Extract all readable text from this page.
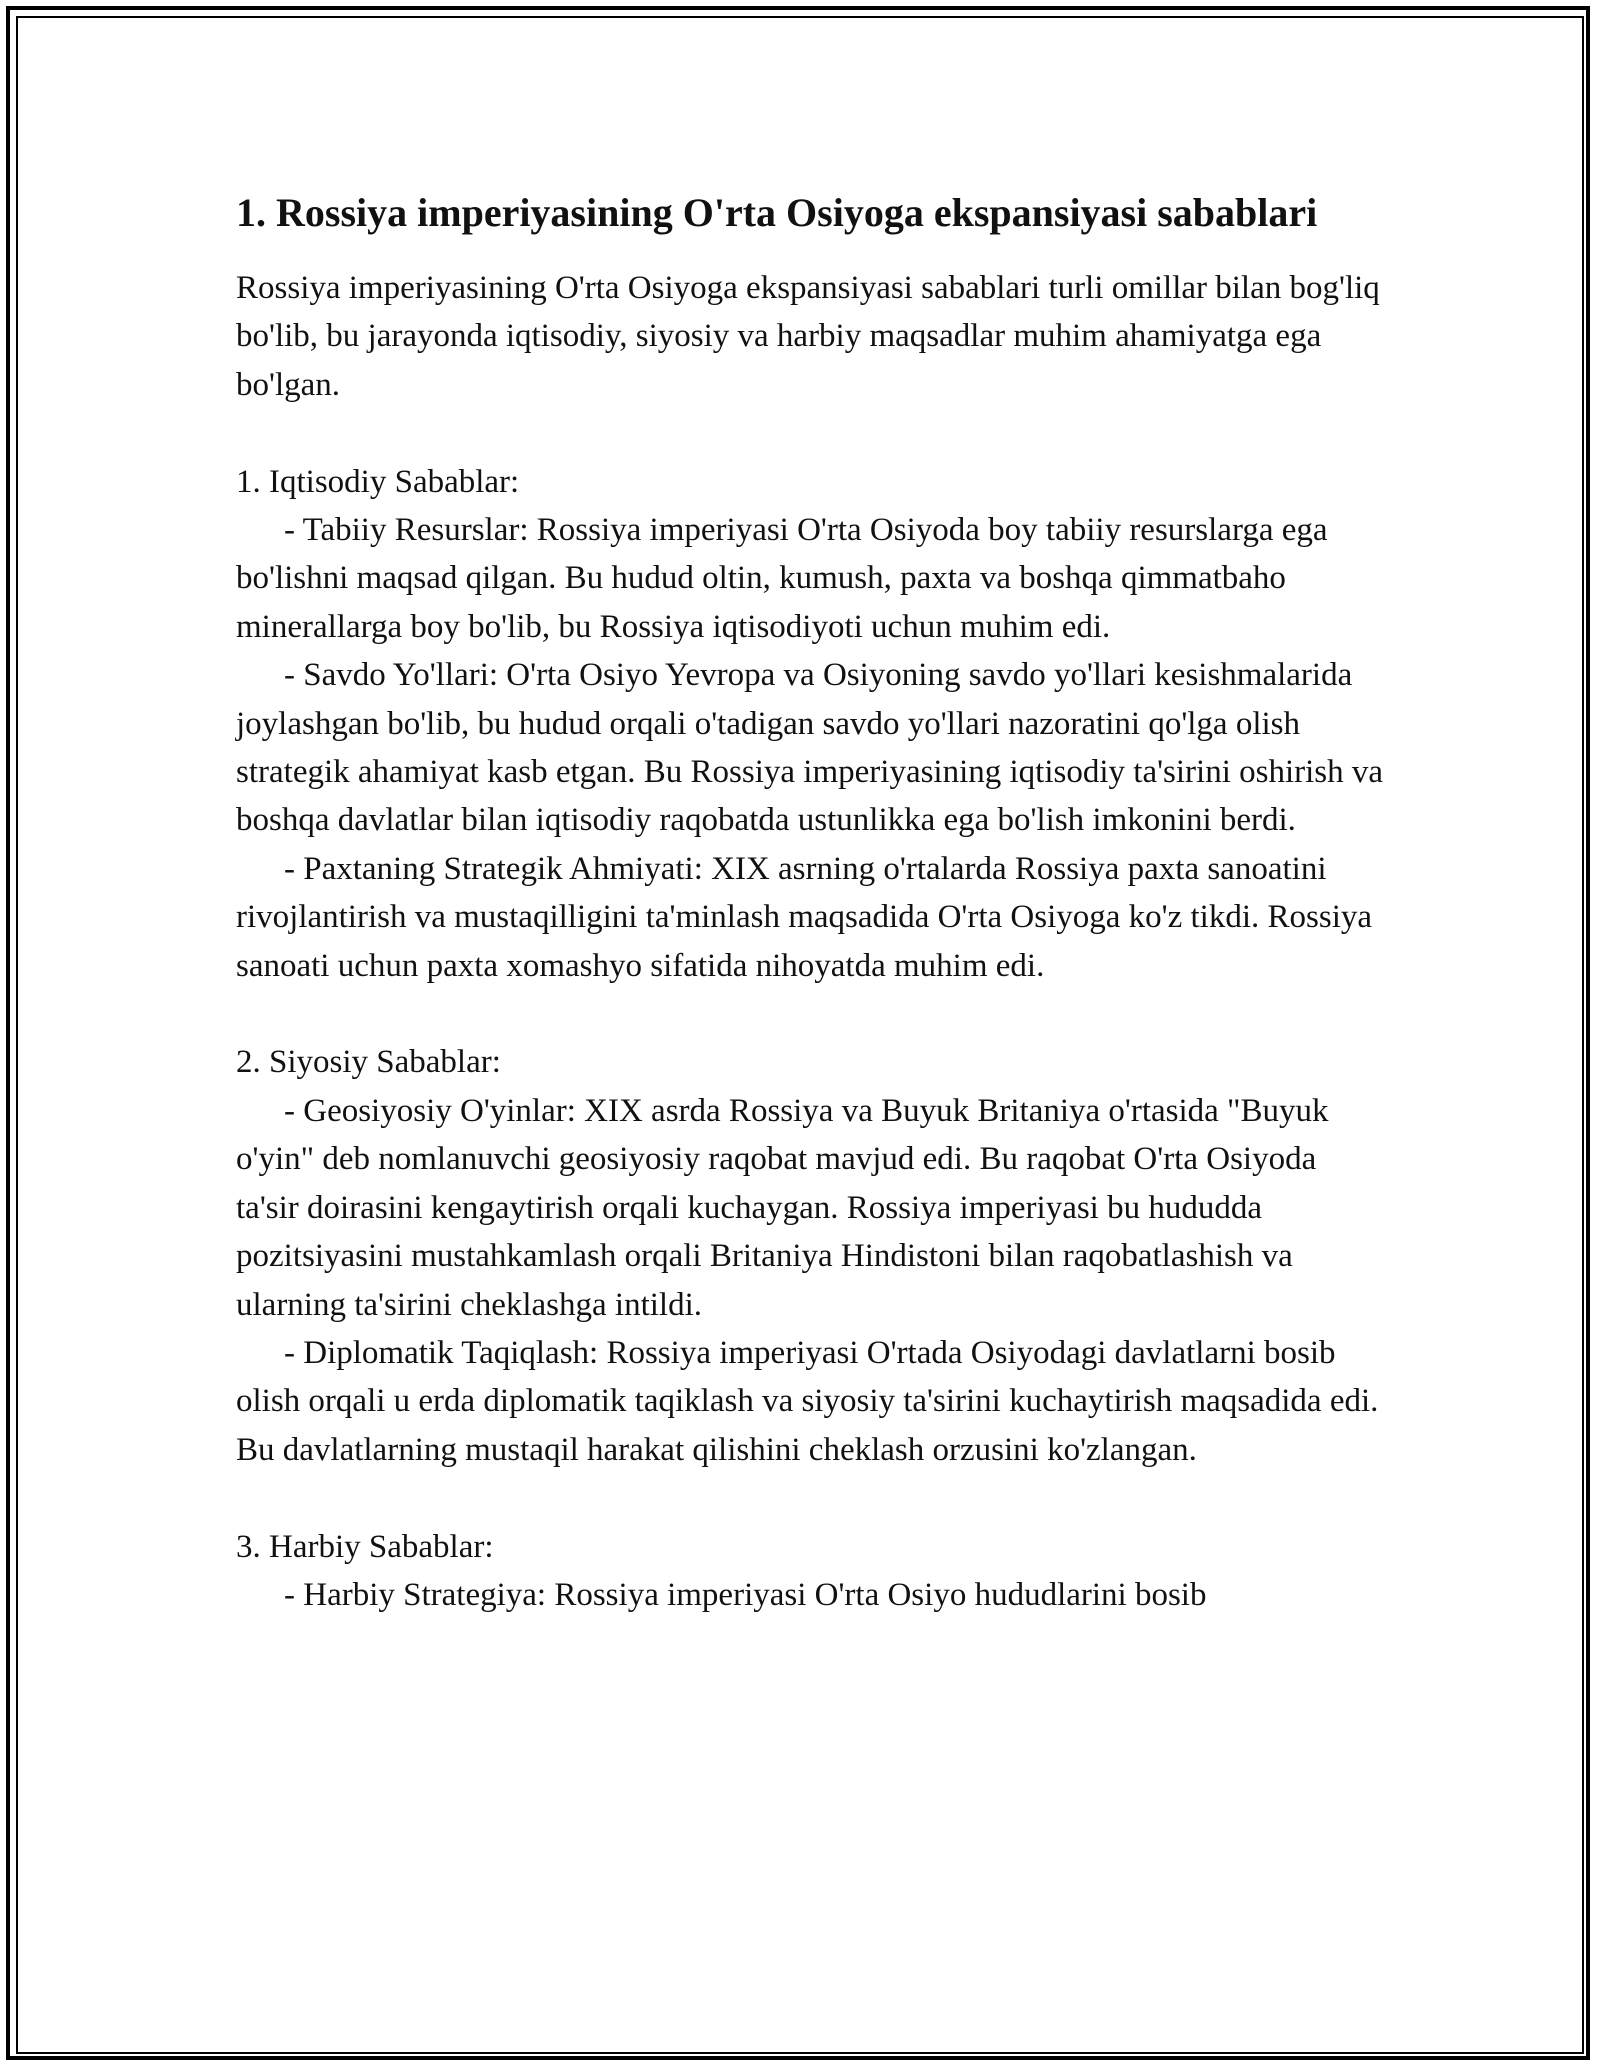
1. Rossiya imperiyasining O'rta Osiyoga ekspansiyasi sabablari

Rossiya imperiyasining O'rta Osiyoga ekspansiyasi sabablari turli omillar bilan bog'liq bo'lib, bu jarayonda iqtisodiy, siyosiy va harbiy maqsadlar muhim ahamiyatga ega bo'lgan.

1. Iqtisodiy Sabablar:

- Tabiiy Resurslar: Rossiya imperiyasi O'rta Osiyoda boy tabiiy resurslarga ega bo'lishni maqsad qilgan. Bu hudud oltin, kumush, paxta va boshqa qimmatbaho minerallarga boy bo'lib, bu Rossiya iqtisodiyoti uchun muhim edi.

- Savdo Yo'llari: O'rta Osiyo Yevropa va Osiyoning savdo yo'llari kesishmalarida joylashgan bo'lib, bu hudud orqali o'tadigan savdo yo'llari nazoratini qo'lga olish strategik ahamiyat kasb etgan. Bu Rossiya imperiyasining iqtisodiy ta'sirini oshirish va boshqa davlatlar bilan iqtisodiy raqobatda ustunlikka ega bo'lish imkonini berdi.

- Paxtaning Strategik Ahmiyati: XIX asrning o'rtalarda Rossiya paxta sanoatini rivojlantirish va mustaqilligini ta'minlash maqsadida O'rta Osiyoga ko'z tikdi. Rossiya sanoati uchun paxta xomashyo sifatida nihoyatda muhim edi.

2. Siyosiy Sabablar:

- Geosiyosiy O'yinlar: XIX asrda Rossiya va Buyuk Britaniya o'rtasida "Buyuk o'yin" deb nomlanuvchi geosiyosiy raqobat mavjud edi. Bu raqobat O'rta Osiyoda ta'sir doirasini kengaytirish orqali kuchaygan. Rossiya imperiyasi bu hududda pozitsiyasini mustahkamlash orqali Britaniya Hindistoni bilan raqobatlashish va ularning ta'sirini cheklashga intildi.

- Diplomatik Taqiqlash: Rossiya imperiyasi O'rtada Osiyodagi davlatlarni bosib olish orqali u erda diplomatik taqiklash va siyosiy ta'sirini kuchaytirish maqsadida edi. Bu davlatlarning mustaqil harakat qilishini cheklash orzusini ko'zlangan.

3. Harbiy Sabablar:

- Harbiy Strategiya: Rossiya imperiyasi O'rta Osiyo hududlarini bosib
